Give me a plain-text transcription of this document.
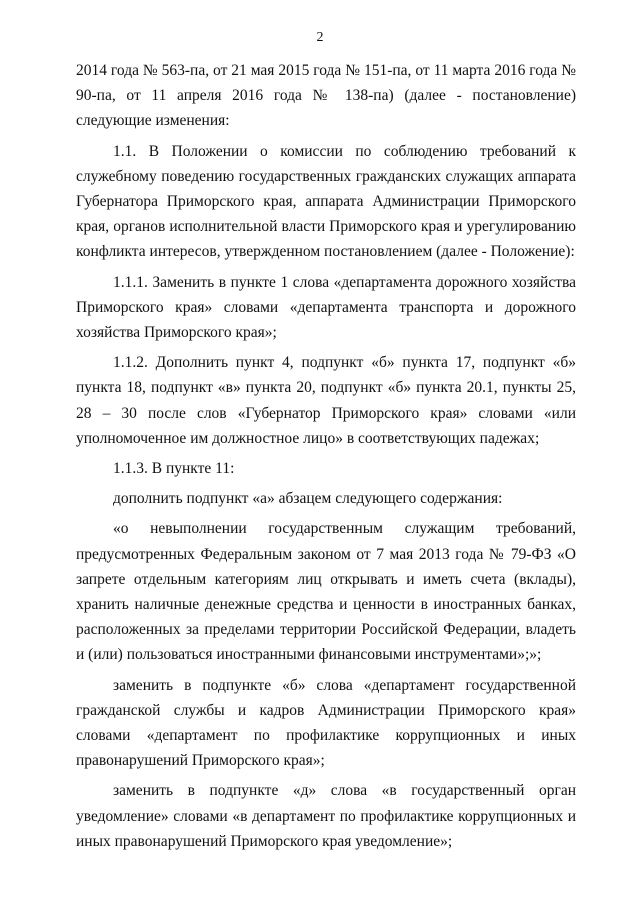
2

2014 года № 563-па, от 21 мая 2015 года № 151-па, от 11 марта 2016 года № 90-па, от 11 апреля 2016 года № 138-па) (далее - постановление) следующие изменения:

1.1. В Положении о комиссии по соблюдению требований к служебному поведению государственных гражданских служащих аппарата Губернатора Приморского края, аппарата Администрации Приморского края, органов исполнительной власти Приморского края и урегулированию конфликта интересов, утвержденном постановлением (далее - Положение):

1.1.1. Заменить в пункте 1 слова «департамента дорожного хозяйства Приморского края» словами «департамента транспорта и дорожного хозяйства Приморского края»;

1.1.2. Дополнить пункт 4, подпункт «б» пункта 17, подпункт «б» пункта 18, подпункт «в» пункта 20, подпункт «б» пункта 20.1, пункты 25, 28 – 30 после слов «Губернатор Приморского края» словами «или уполномоченное им должностное лицо» в соответствующих падежах;

1.1.3. В пункте 11:

дополнить подпункт «а» абзацем следующего содержания:

«о невыполнении государственным служащим требований, предусмотренных Федеральным законом от 7 мая 2013 года № 79-ФЗ «О запрете отдельным категориям лиц открывать и иметь счета (вклады), хранить наличные денежные средства и ценности в иностранных банках, расположенных за пределами территории Российской Федерации, владеть и (или) пользоваться иностранными финансовыми инструментами»;»;

заменить в подпункте «б» слова «департамент государственной гражданской службы и кадров Администрации Приморского края» словами «департамент по профилактике коррупционных и иных правонарушений Приморского края»;

заменить в подпункте «д» слова «в государственный орган уведомление» словами «в департамент по профилактике коррупционных и иных правонарушений Приморского края уведомление»;
